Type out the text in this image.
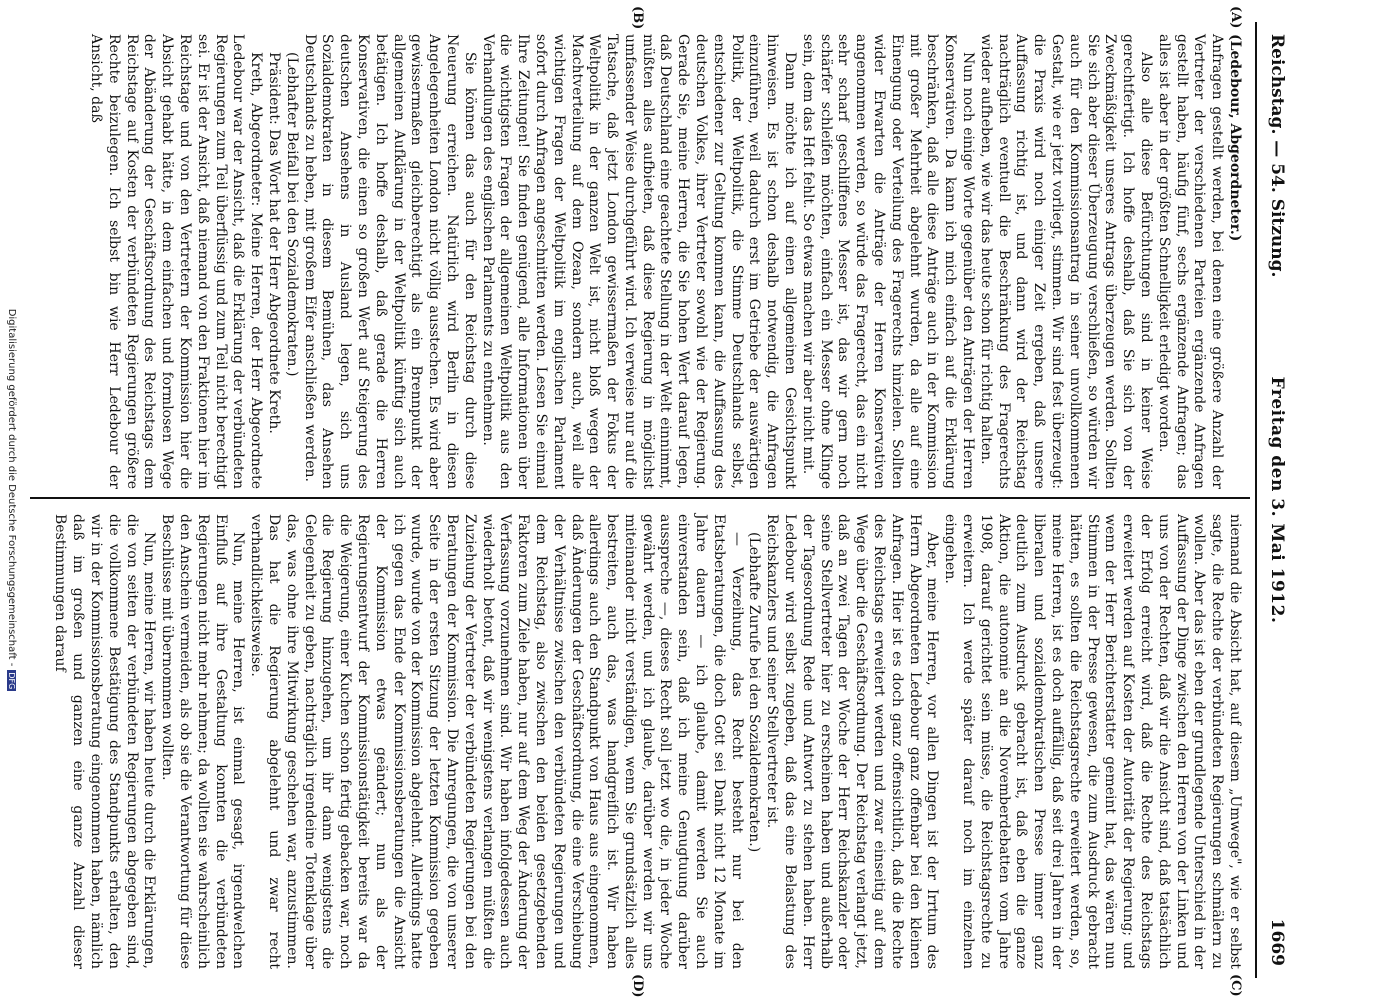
Reichstag. — 54. Sitzung.
Freitag den 3. Mai 1912.
1669
(A)
(B)
(C)
(D)

(Ledebour, Abgeordneter.)

Anfragen gestellt werden, bei denen eine größere Anzahl der Vertreter der verschiedenen Parteien ergänzende Anfragen gestellt haben, häufig fünf, sechs ergänzende Anfragen; das alles ist aber in der größten Schnelligkeit erledigt worden.

Also alle diese Befürchtungen sind in keiner Weise gerechtfertigt. Ich hoffe deshalb, daß Sie sich von der Zweckmäßigkeit unseres Antrags überzeugen werden. Sollten Sie sich aber dieser Überzeugung verschließen, so würden wir auch für den Kommissionsantrag in seiner unvollkommenen Gestalt, wie er jetzt vorliegt, stimmen. Wir sind fest überzeugt: die Praxis wird noch einiger Zeit ergeben, daß unsere Auffassung richtig ist, und dann wird der Reichstag nachträglich eventuell die Beschränkung des Fragerechts wieder aufheben, wie wir das heute schon für richtig halten.

Nun noch einige Worte gegenüber den Anträgen der Herren Konservativen. Da kann ich mich einfach auf die Erklärung beschränken, daß alle diese Anträge auch in der Kommission mit großer Mehrheit abgelehnt wurden, da alle auf eine Einengung oder Verteilung des Fragerechts hinzielen. Sollten wider Erwarten die Anträge der Herren Konservativen angenommen werden, so würde das Fragerecht, das ein nicht sehr scharf geschliffenes Messer ist, das wir gern noch schärfer schleifen möchten, einfach ein Messer ohne Klinge sein, dem das Heft fehlt. So etwas machen wir aber nicht mit.

Dann möchte ich auf einen allgemeinen Gesichtspunkt hinweisen. Es ist schon deshalb notwendig, die Anfragen einzuführen, weil dadurch erst im Getriebe der auswärtigen Politik, der Weltpolitik, die Stimme Deutschlands selbst, entschiedener zur Geltung kommen kann, die Auffassung des deutschen Volkes, ihrer Vertreter sowohl wie der Regierung. Gerade Sie, meine Herren, die Sie hohen Wert darauf legen, daß Deutschland eine geachtete Stellung in der Welt einnimmt, müßten alles aufbieten, daß diese Regierung in möglichst umfassender Weise durchgeführt wird. Ich verweise nur auf die Tatsache, daß jetzt London gewissermaßen der Fokus der Weltpolitik in der ganzen Welt ist, nicht bloß wegen der Machtverteilung auf dem Ozean, sondern auch, weil alle wichtigen Fragen der Weltpolitik im englischen Parlament sofort durch Anfragen angeschnitten werden. Lesen Sie einmal Ihre Zeitungen! Sie finden genügend, alle Informationen über die wichtigsten Fragen der allgemeinen Weltpolitik aus den Verhandlungen des englischen Parlaments zu entnehmen.

Sie können das auch für den Reichstag durch diese Neuerung erreichen. Natürlich wird Berlin in diesen Angelegenheiten London nicht völlig ausstechen. Es wird aber gewissermaßen gleichberechtigt als ein Brennpunkt der allgemeinen Aufklärung in der Weltpolitik künftig sich auch betätigen. Ich hoffe deshalb, daß gerade die Herren Konservativen, die einen so großen Wert auf Steigerung des deutschen Ansehens in Ausland legen, sich uns Sozialdemokraten in diesem Bemühen, das Ansehen Deutschlands zu heben, mit großem Eifer anschließen werden.

(Lebhafter Beifall bei den Sozialdemokraten.)

Präsident: Das Wort hat der Herr Abgeordnete Kreth.

Kreth, Abgeordneter: Meine Herren, der Herr Abgeordnete Ledebour war der Ansicht, daß die Erklärung der verbündeten Regierungen zum Teil überflüssig und zum Teil nicht berechtigt sei. Er ist der Ansicht, daß niemand von den Fraktionen hier im Reichstage und von den Vertretern der Kommission hier die Absicht gehabt hätte, in dem einfachen und formlosen Wege der Abänderung der Geschäftsordnung des Reichstags dem Reichstage auf Kosten der verbündeten Regierungen größere Rechte beizulegen. Ich selbst bin wie Herr Ledebour der Ansicht, daß

niemand die Absicht hat, auf diesem „Umwege", wie er selbst sagte, die Rechte der verbündeten Regierungen schmälern zu wollen. Aber das ist eben der grundlegende Unterschied in der Auffassung der Dinge zwischen den Herren von der Linken und uns von der Rechten, daß wir die Ansicht sind, daß tatsächlich der Erfolg erreicht wird, daß die Rechte des Reichstags erweitert werden auf Kosten der Autorität der Regierung; und wenn der Herr Berichterstatter gemeint hat, das wären nun Stimmen in der Presse gewesen, die zum Ausdruck gebracht hätten, es sollten die Reichstagsrechte erweitert werden, so, meine Herren, ist es doch auffällig, daß seit drei Jahren in der liberalen und sozialdemokratischen Presse immer ganz deutlich zum Ausdruck gebracht ist, daß eben die ganze Aktion, die autonomie an die Novemberdebatten vom Jahre 1908, darauf gerichtet sein müsse, die Reichstagsrechte zu erweitern. Ich werde später darauf noch im einzelnen eingehen.

Aber, meine Herren, vor allen Dingen ist der Irrtum des Herrn Abgeordneten Ledebour ganz offenbar bei den kleinen Anfragen. Hier ist es doch ganz offensichtlich, daß die Rechte des Reichstags erweitert werden und zwar einseitig auf dem Wege über die Geschäftsordnung. Der Reichstag verlangt jetzt, daß an zwei Tagen der Woche der Herr Reichskanzler oder seine Stellvertreter hier zu erscheinen haben und außerhalb der Tagesordnung Rede und Antwort zu stehen haben. Herr Ledebour wird selbst zugeben, daß das eine Belastung des Reichskanzlers und seiner Stellvertreter ist.

(Lebhafte Zurufe bei den Sozialdemokraten.)

— Verzeihung, das Recht besteht nur bei den Etatsberatungen, die doch Gott sei Dank nicht 12 Monate im Jahre dauern — ich glaube, damit werden Sie auch einverstanden sein, daß ich meine Genugtuung darüber ausspreche —, dieses Recht soll jetzt wo die, in jeder Woche gewährt werden, und ich glaube, darüber werden wir uns miteinander nicht verständigen, wenn Sie grundsätzlich alles bestreiten, auch das, was handgreiflich ist. Wir haben allerdings auch den Standpunkt von Haus aus eingenommen, daß Änderungen der Geschäftsordnung, die eine Verschiebung der Verhältnisse zwischen den verbündeten Regierungen und dem Reichstag, also zwischen den beiden gesetzgebenden Faktoren zum Ziele haben, nur auf dem Weg der Änderung der Verfassung vorzunehmen sind. Wir haben infolgedessen auch wiederholt betont, daß wir wenigstens verlangen müßten die Zuziehung der Vertreter der verbündeten Regierungen bei den Beratungen der Kommission. Die Anregungen, die von unserer Seite in der ersten Sitzung der letzten Kommission gegeben wurde, wurde von der Kommission abgelehnt. Allerdings hatte ich gegen das Ende der Kommissionsberatungen die Ansicht der Kommission etwas geändert; nun als der Regierungsentwurf der Kommissionstätigkeit bereits war da die Weigerung, einer Kuchen schon fertig gebacken war, noch die Regierung hinzugehen, um ihr dann wenigstens die Gelegenheit zu geben, nachträglich irgendeine Totenklage über das, was ohne ihre Mitwirkung geschehen war, anzustimmen. Das hat die Regierung abgelehnt und zwar recht verhandlichkeitsweise.

Nun, meine Herren, ist einmal gesagt, irgendwelchen Einfluß auf ihre Gestaltung konnten die verbündeten Regierungen nicht mehr nehmen; da wollten sie wahrscheinlich den Anschein vermeiden, als ob sie die Verantwortung für diese Beschlüsse mit übernommen wollten.

Nun, meine Herren, wir haben heute durch die Erklärungen, die von seiten der verbündeten Regierungen abgegeben sind, die vollkommene Bestätigung des Standpunkts erhalten, den wir in der Kommissionsberatung eingenommen haben, nämlich daß im großen und ganzen eine ganze Anzahl dieser Bestimmungen darauf

Digitalisierung gefördert durch die Deutsche Forschungsgemeinschaft -DFG
